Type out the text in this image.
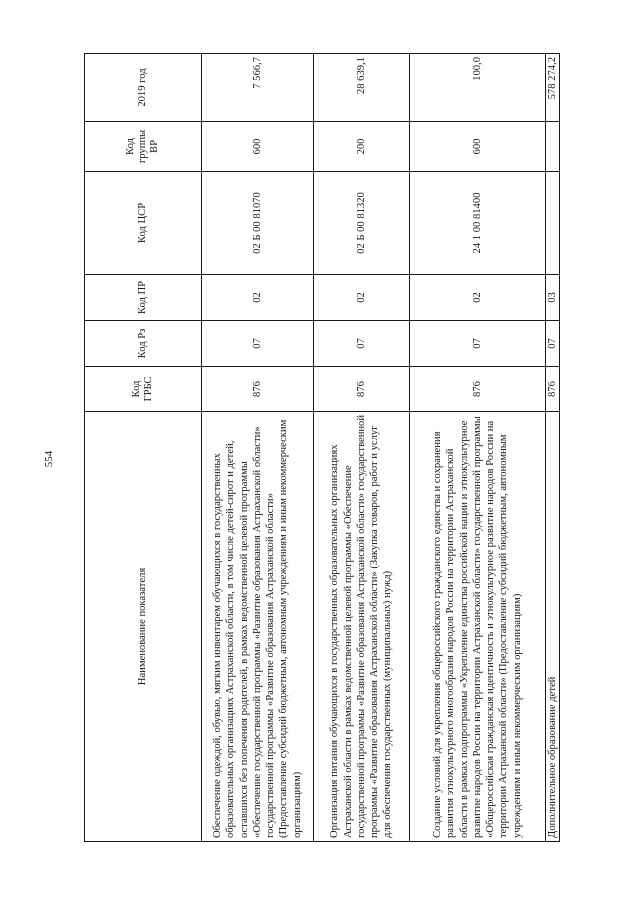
554
Наименование показателя	Код ГРБС	Код Рз	Код ПР	Код ЦСР	Код группы ВР	2019 год
Обеспечение одеждой, обувью, мягким инвентарем обучающихся в государственных образовательных организациях Астраханской области, в том числе детей-сирот и детей, оставшихся без попечения родителей, в рамках ведомственной целевой программы «Обеспечение государственной программы «Развитие образования Астраханской области» государственной программы «Развитие образования Астраханской области» (Предоставление субсидий бюджетным, автономным учреждениям и иным некоммерческим организациям)	876	07	02	02 Б 00 81070	600	7 566,7
Организация питания обучающихся в государственных образовательных организациях Астраханской области в рамках ведомственной целевой программы «Обеспечение государственной программы «Развитие образования Астраханской области» государственной программы «Развитие образования Астраханской области» (Закупка товаров, работ и услуг для обеспечения государственных (муниципальных) нужд)	876	07	02	02 Б 00 81320	200	28 639,1
Создание условий для укрепления общероссийского гражданского единства и сохранения развития этнокультурного многообразия народов России на территории Астраханской области в рамках подпрограммы «Укрепление единства российской нации и этнокультурное развитие народов России на территории Астраханской области» государственной программы «Общероссийская гражданская идентичность и этнокультурное развитие народов России на территории Астраханской области» (Предоставление субсидий бюджетным, автономным учреждениям и иным некоммерческим организациям)	876	07	02	24 1 00 81400	600	100,0
Дополнительное образование детей	876	07	03			578 274,2
